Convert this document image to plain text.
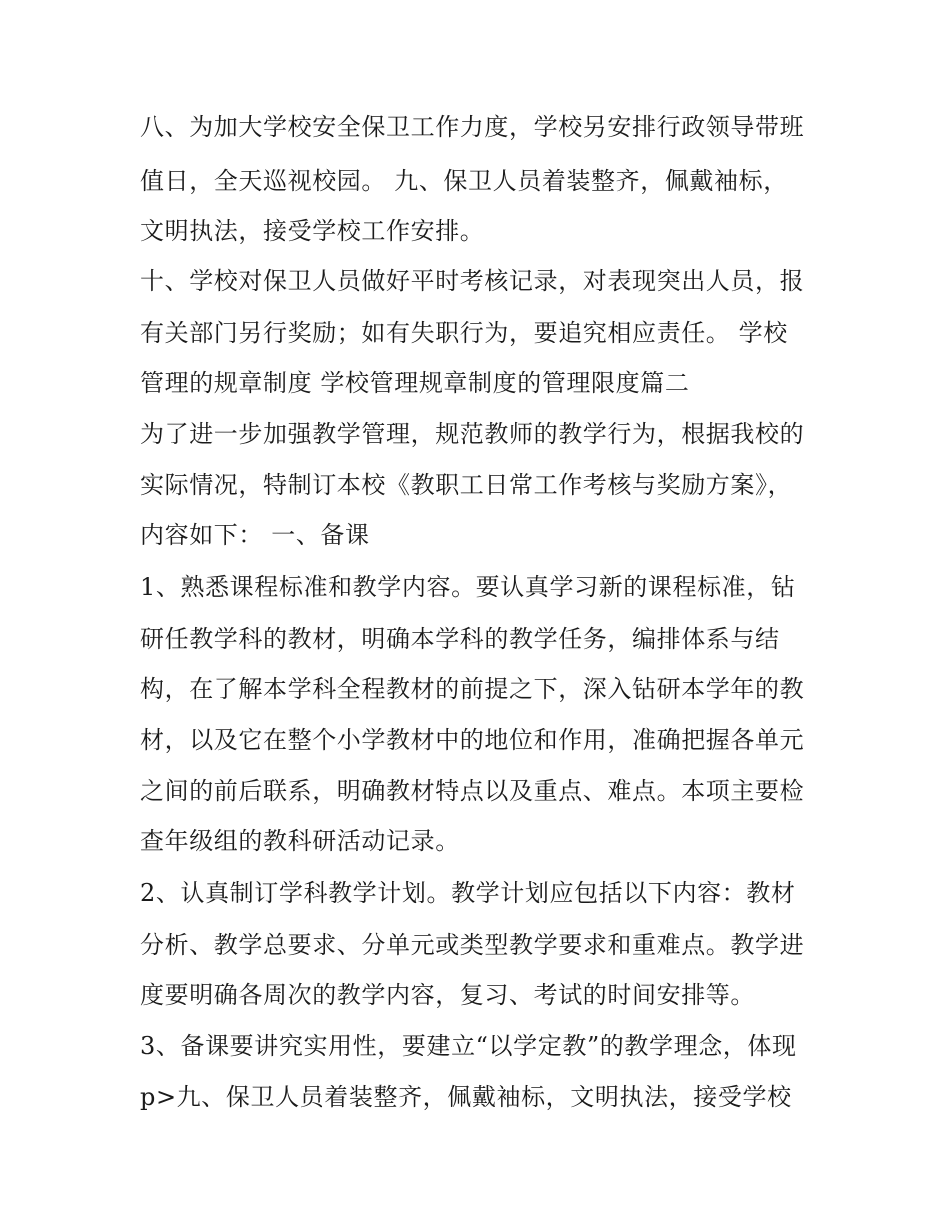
八、为加大学校安全保卫工作力度，学校另安排行政领导带班
值日，全天巡视校园。 九、保卫人员着装整齐，佩戴袖标，
文明执法，接受学校工作安排。
十、学校对保卫人员做好平时考核记录，对表现突出人员，报
有关部门另行奖励；如有失职行为，要追究相应责任。 学校
管理的规章制度 学校管理规章制度的管理限度篇二
为了进一步加强教学管理，规范教师的教学行为，根据我校的
实际情况，特制订本校《教职工日常工作考核与奖励方案》，
内容如下： 一、备课
1、熟悉课程标准和教学内容。要认真学习新的课程标准，钻
研任教学科的教材，明确本学科的教学任务，编排体系与结
构，在了解本学科全程教材的前提之下，深入钻研本学年的教
材，以及它在整个小学教材中的地位和作用，准确把握各单元
之间的前后联系，明确教材特点以及重点、难点。本项主要检
查年级组的教科研活动记录。
2、认真制订学科教学计划。教学计划应包括以下内容：教材
分析、教学总要求、分单元或类型教学要求和重难点。教学进
度要明确各周次的教学内容，复习、考试的时间安排等。
3、备课要讲究实用性，要建立“以学定教”的教学理念，体现
p>九、保卫人员着装整齐，佩戴袖标，文明执法，接受学校
